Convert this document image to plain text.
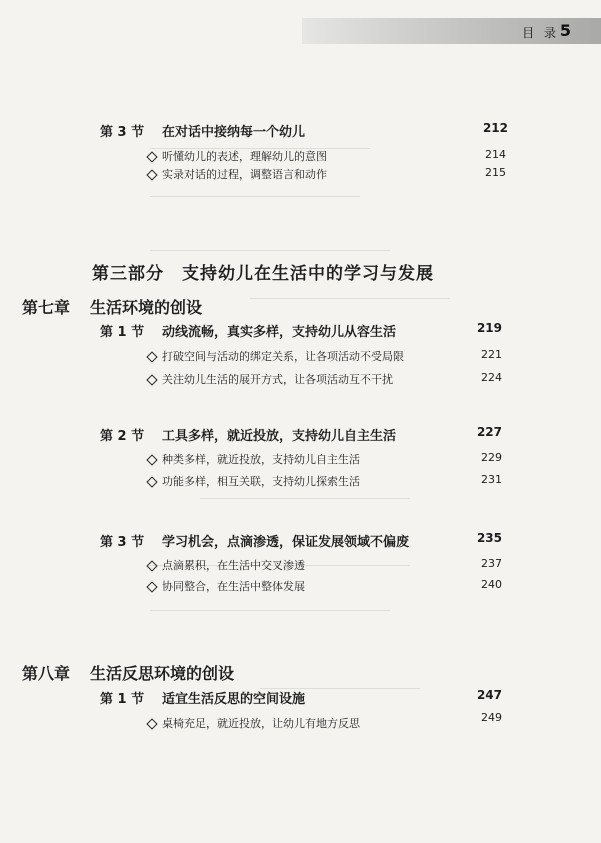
目 录 5
第 3 节 在对话中接纳每一个幼儿	212
听懂幼儿的表述，理解幼儿的意图	214
实录对话的过程，调整语言和动作	215
第三部分　支持幼儿在生活中的学习与发展
第七章 生活环境的创设
第 1 节 动线流畅，真实多样，支持幼儿从容生活	219
打破空间与活动的绑定关系，让各项活动不受局限	221
关注幼儿生活的展开方式，让各项活动互不干扰	224
第 2 节 工具多样，就近投放，支持幼儿自主生活	227
种类多样，就近投放，支持幼儿自主生活	229
功能多样，相互关联，支持幼儿探索生活	231
第 3 节 学习机会，点滴渗透，保证发展领域不偏废	235
点滴累积，在生活中交叉渗透	237
协同整合，在生活中整体发展	240
第八章 生活反思环境的创设
第 1 节 适宜生活反思的空间设施	247
桌椅充足，就近投放，让幼儿有地方反思	249
